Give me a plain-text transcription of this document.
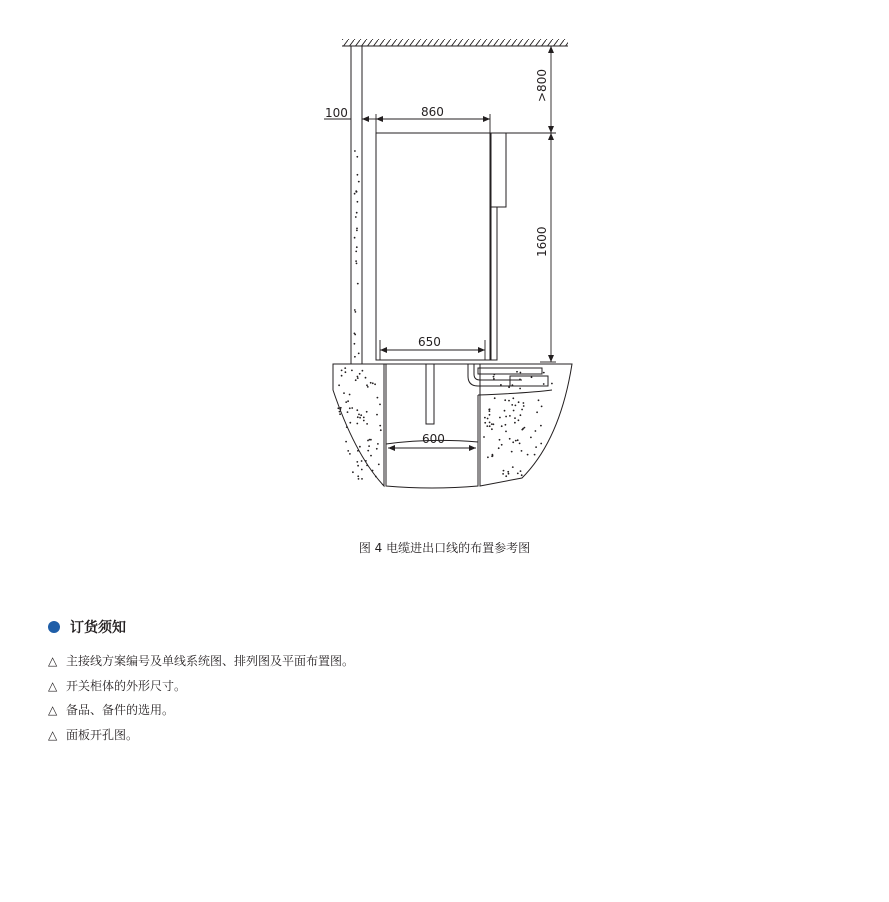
>800
1600
100	860
650
600
图 4 电缆进出口线的布置参考图
订货须知
△ 主接线方案编号及单线系统图、排列图及平面布置图。
△ 开关柜体的外形尺寸。
△ 备品、备件的选用。
△ 面板开孔图。
